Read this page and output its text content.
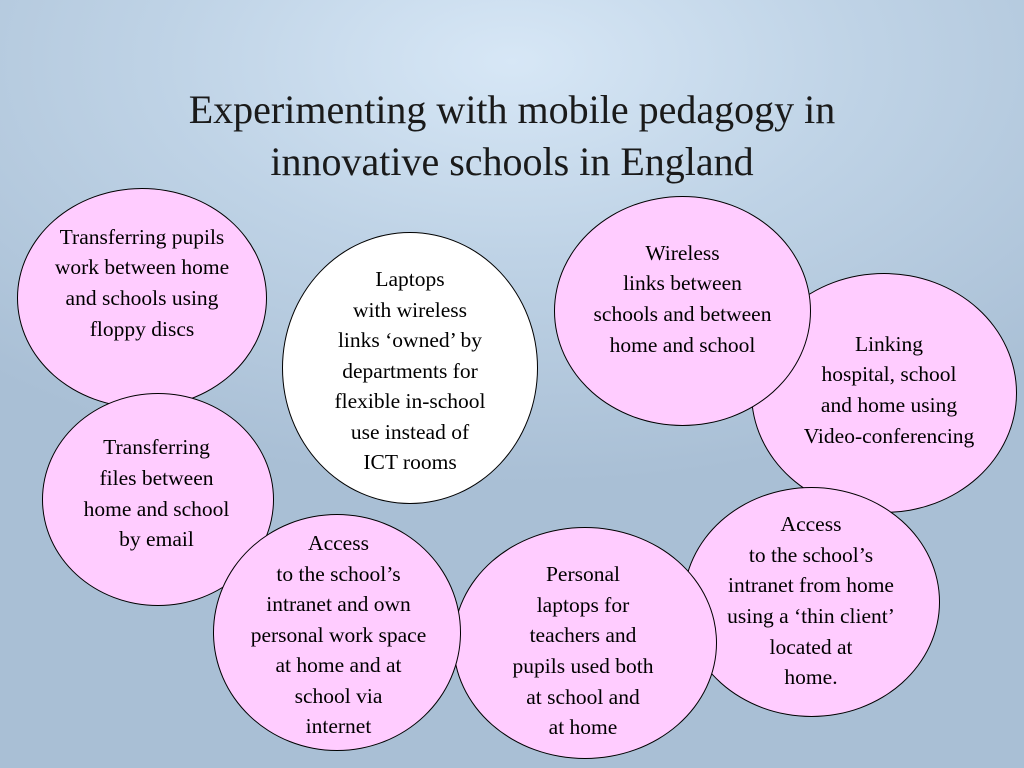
Experimenting with mobile pedagogy in
innovative schools in England
Transferring pupils
work between home
and schools using
floppy discs
Linking
hospital, school
and home using
Video-conferencing
Wireless
links between
schools and between
home and school
Laptops
with wireless
links ‘owned’ by
departments for
flexible in-school
use instead of
ICT rooms
Transferring
files between
home and school
by email
Access
to the school’s
intranet from home
using a ‘thin client’
located at
home.
Personal
laptops for
teachers and
pupils used both
at school and
at home
Access
to the school’s
intranet and own
personal work space
at home and at
school via
internet
